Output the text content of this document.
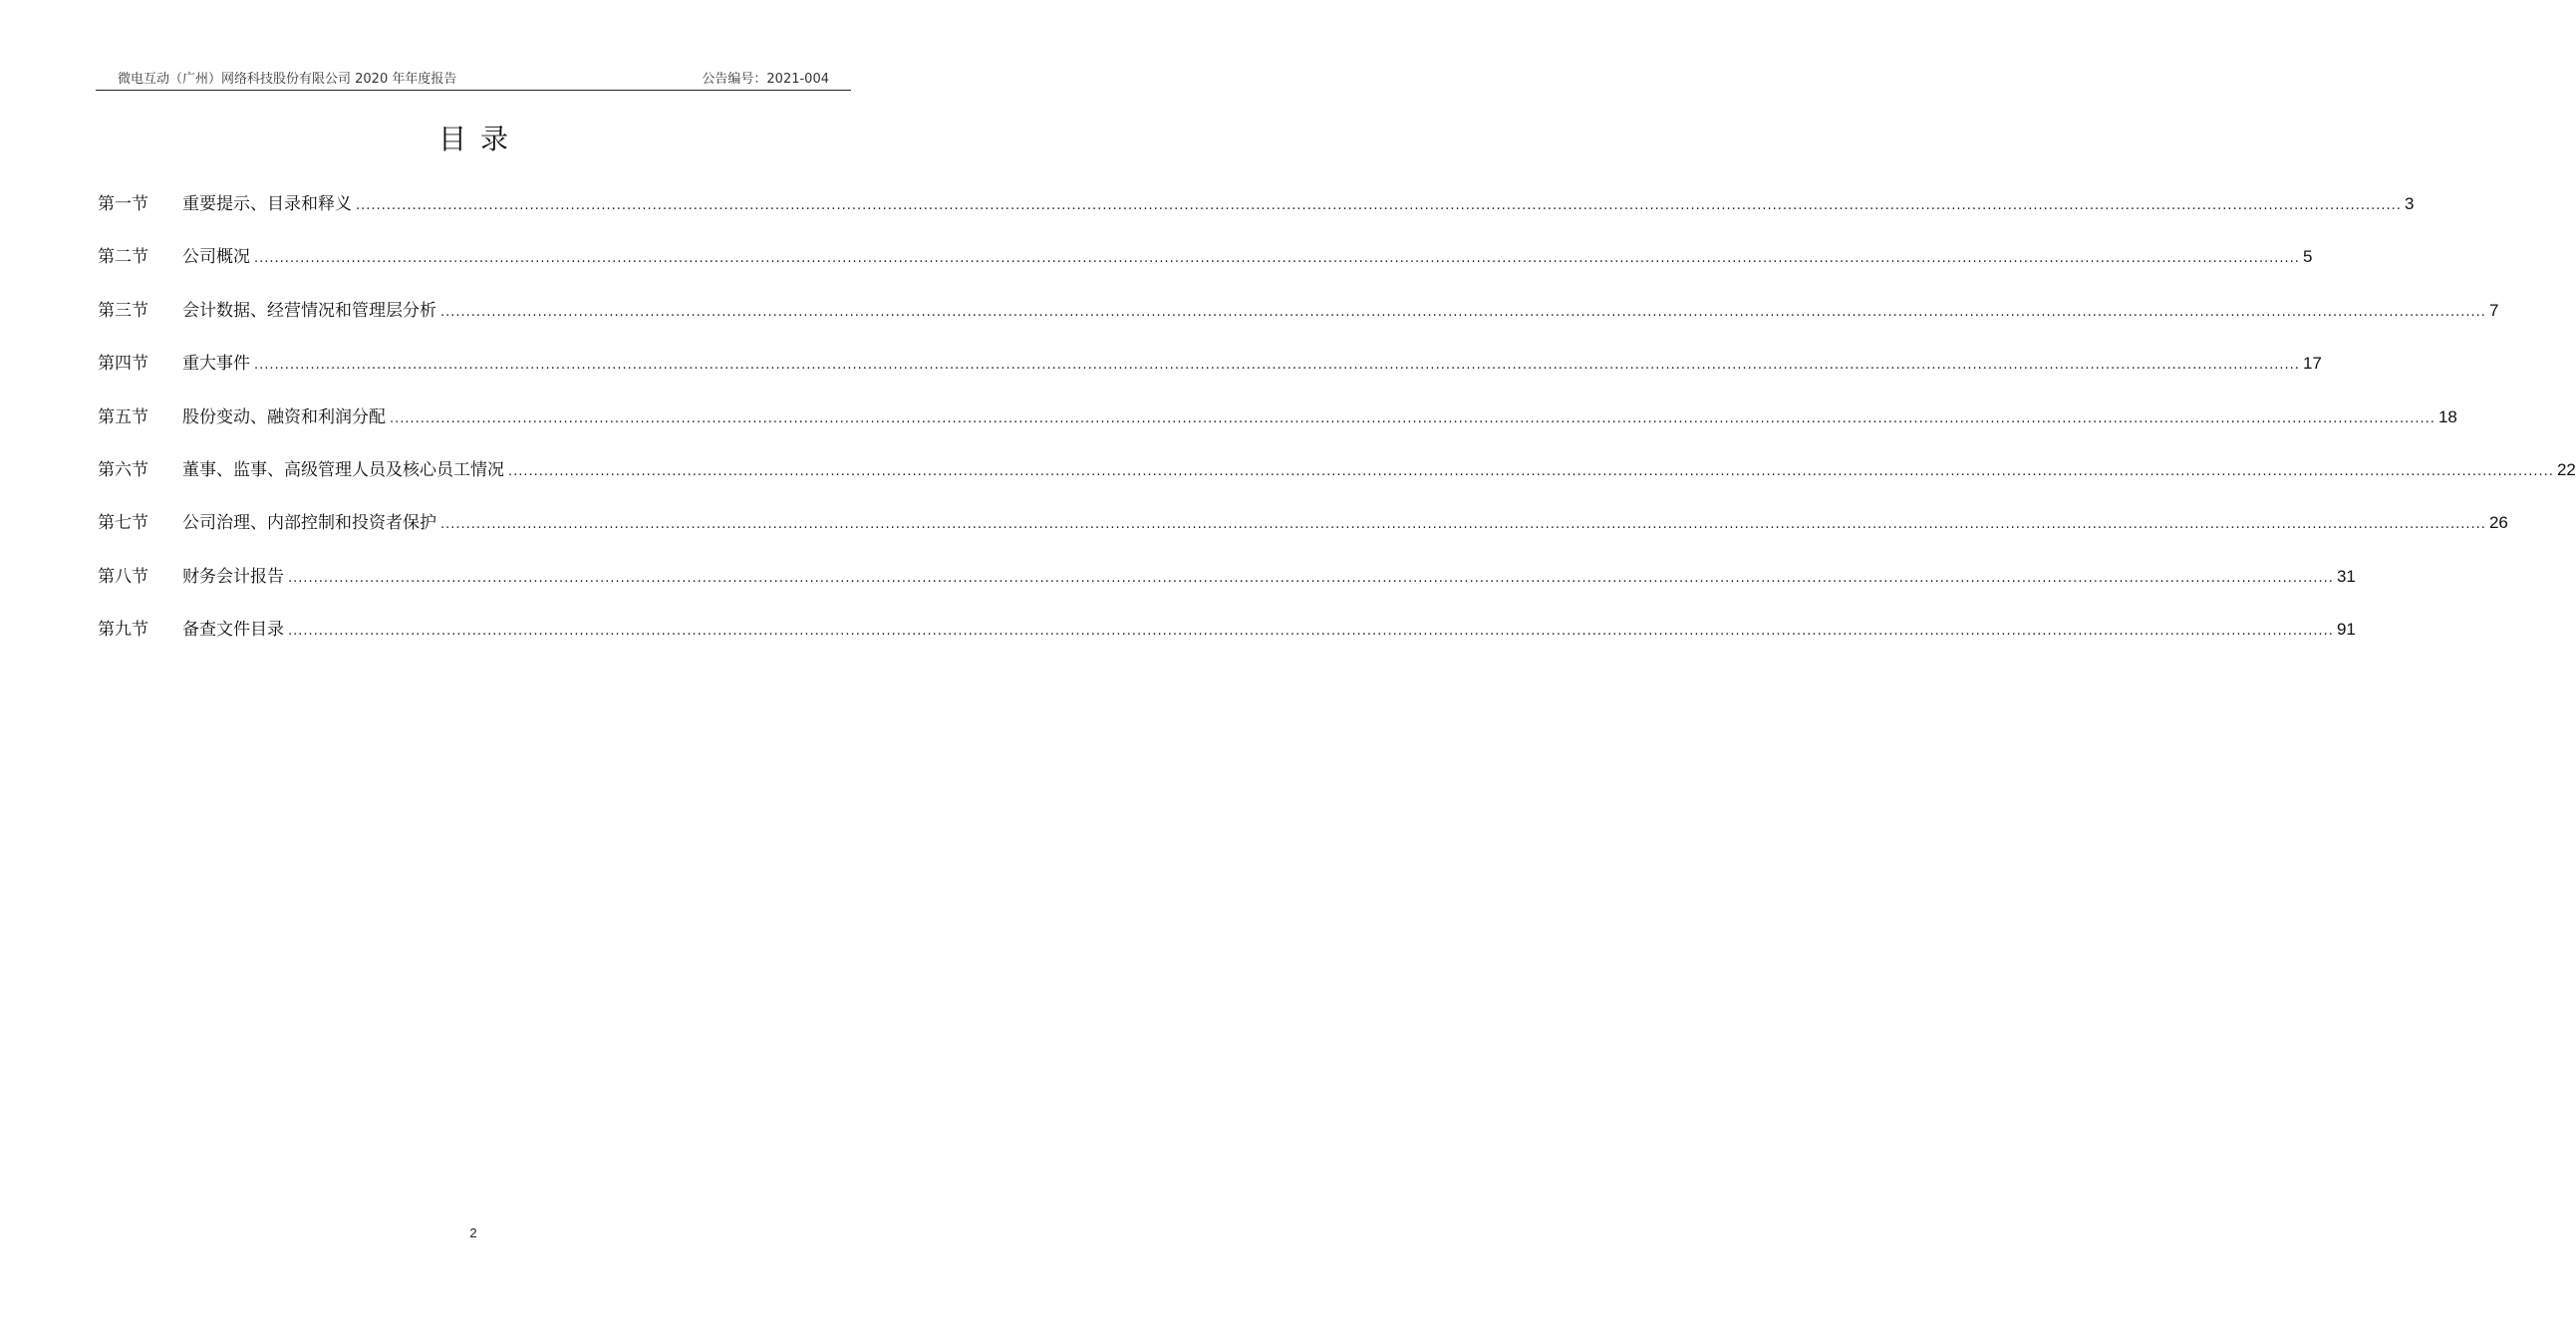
微电互动（广州）网络科技股份有限公司 2020 年年度报告	公告编号：2021-004
目录
第一节	重要提示、目录和释义 ................................................................................................................................................................................................................................................................................................................................................................................................................ 3
第二节	公司概况 ................................................................................................................................................................................................................................................................................................................................................................................................................ 5
第三节	会计数据、经营情况和管理层分析 ................................................................................................................................................................................................................................................................................................................................................................................................................ 7
第四节	重大事件 ................................................................................................................................................................................................................................................................................................................................................................................................................ 17
第五节	股份变动、融资和利润分配 ................................................................................................................................................................................................................................................................................................................................................................................................................ 18
第六节	董事、监事、高级管理人员及核心员工情况 ................................................................................................................................................................................................................................................................................................................................................................................................................ 22
第七节	公司治理、内部控制和投资者保护 ................................................................................................................................................................................................................................................................................................................................................................................................................ 26
第八节	财务会计报告 ................................................................................................................................................................................................................................................................................................................................................................................................................ 31
第九节	备查文件目录 ................................................................................................................................................................................................................................................................................................................................................................................................................ 91
2
